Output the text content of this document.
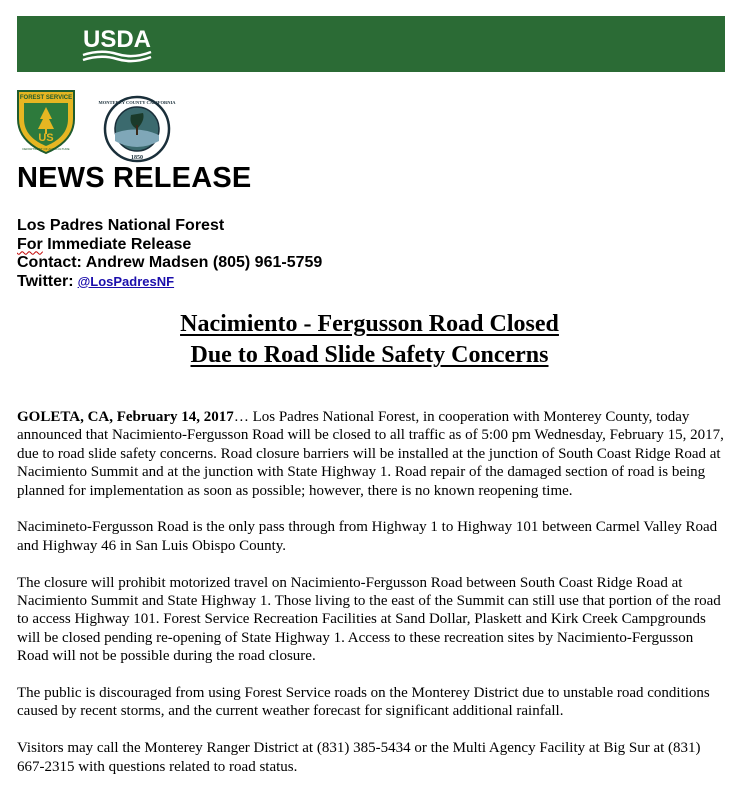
USDA
FOREST SERVICE
US
DEPARTMENT OF AGRICULTURE
MONTEREY COUNTY CALIFORNIA
1850
NEWS RELEASE
Los Padres National Forest
For Immediate Release
Contact: Andrew Madsen (805) 961-5759
Twitter: @LosPadresNF
Nacimiento - Fergusson Road Closed
Due to Road Slide Safety Concerns

GOLETA, CA, February 14, 2017… Los Padres National Forest, in cooperation with Monterey County, today announced that Nacimiento-Fergusson Road will be closed to all traffic as of 5:00 pm Wednesday, February 15, 2017, due to road slide safety concerns. Road closure barriers will be installed at the junction of South Coast Ridge Road at Nacimiento Summit and at the junction with State Highway 1. Road repair of the damaged section of road is being planned for implementation as soon as possible; however, there is no known reopening time.

Nacimineto-Fergusson Road is the only pass through from Highway 1 to Highway 101 between Carmel Valley Road and Highway 46 in San Luis Obispo County.

The closure will prohibit motorized travel on Nacimiento-Fergusson Road between South Coast Ridge Road at Nacimiento Summit and State Highway 1. Those living to the east of the Summit can still use that portion of the road to access Highway 101. Forest Service Recreation Facilities at Sand Dollar, Plaskett and Kirk Creek Campgrounds will be closed pending re-opening of State Highway 1. Access to these recreation sites by Nacimiento-Fergusson Road will not be possible during the road closure.

The public is discouraged from using Forest Service roads on the Monterey District due to unstable road conditions caused by recent storms, and the current weather forecast for significant additional rainfall.

Visitors may call the Monterey Ranger District at (831) 385-5434 or the Multi Agency Facility at Big Sur at (831) 667-2315 with questions related to road status.
